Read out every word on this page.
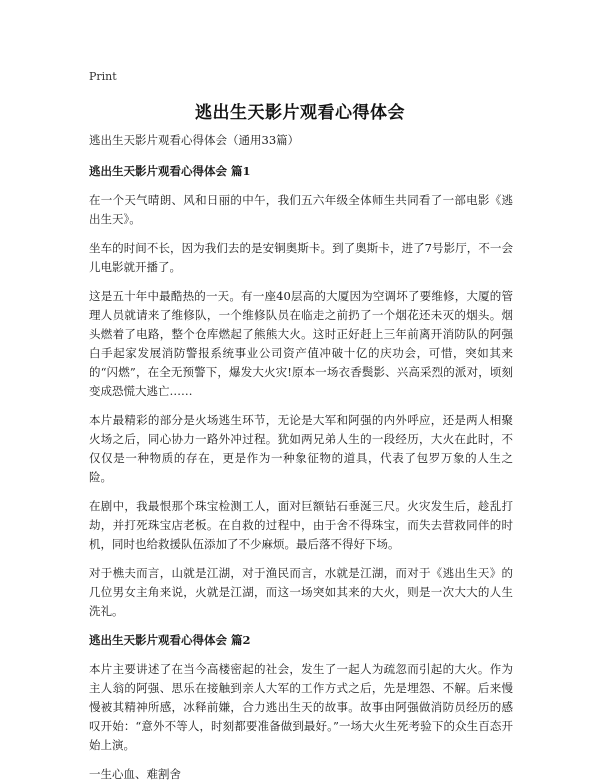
Print
逃出生天影片观看心得体会

逃出生天影片观看心得体会（通用33篇）

逃出生天影片观看心得体会 篇1

在一个天气晴朗、风和日丽的中午，我们五六年级全体师生共同看了一部电影《逃出生天》。

坐车的时间不长，因为我们去的是安铜奥斯卡。到了奥斯卡，进了7号影厅，不一会儿电影就开播了。

这是五十年中最酷热的一天。有一座40层高的大厦因为空调坏了要维修，大厦的管理人员就请来了维修队，一个维修队员在临走之前扔了一个烟花还未灭的烟头。烟头燃着了电路，整个仓库燃起了熊熊大火。这时正好赶上三年前离开消防队的阿强白手起家发展消防警报系统事业公司资产值冲破十亿的庆功会，可惜，突如其来的“闪燃”，在全无预警下，爆发大火灾!原本一场衣香鬓影、兴高采烈的派对，顷刻变成恐慌大逃亡……

本片最精彩的部分是火场逃生环节，无论是大军和阿强的内外呼应，还是两人相聚火场之后，同心协力一路外冲过程。犹如两兄弟人生的一段经历，大火在此时，不仅仅是一种物质的存在，更是作为一种象征物的道具，代表了包罗万象的人生之险。

在剧中，我最恨那个珠宝检测工人，面对巨额钻石垂涎三尺。火灾发生后，趁乱打劫，并打死珠宝店老板。在自救的过程中，由于舍不得珠宝，而失去营救同伴的时机，同时也给救援队伍添加了不少麻烦。最后落不得好下场。

对于樵夫而言，山就是江湖，对于渔民而言，水就是江湖，而对于《逃出生天》的几位男女主角来说，火就是江湖，而这一场突如其来的大火，则是一次大大的人生洗礼。

逃出生天影片观看心得体会 篇2

本片主要讲述了在当今高楼密起的社会，发生了一起人为疏忽而引起的大火。作为主人翁的阿强、思乐在接触到亲人大军的工作方式之后，先是埋怨、不解。后来慢慢被其精神所感，冰释前嫌，合力逃出生天的故事。故事由阿强做消防员经历的感叹开始：“意外不等人，时刻都要准备做到最好。”一场大火生死考验下的众生百态开始上演。

一生心血、难割舍
